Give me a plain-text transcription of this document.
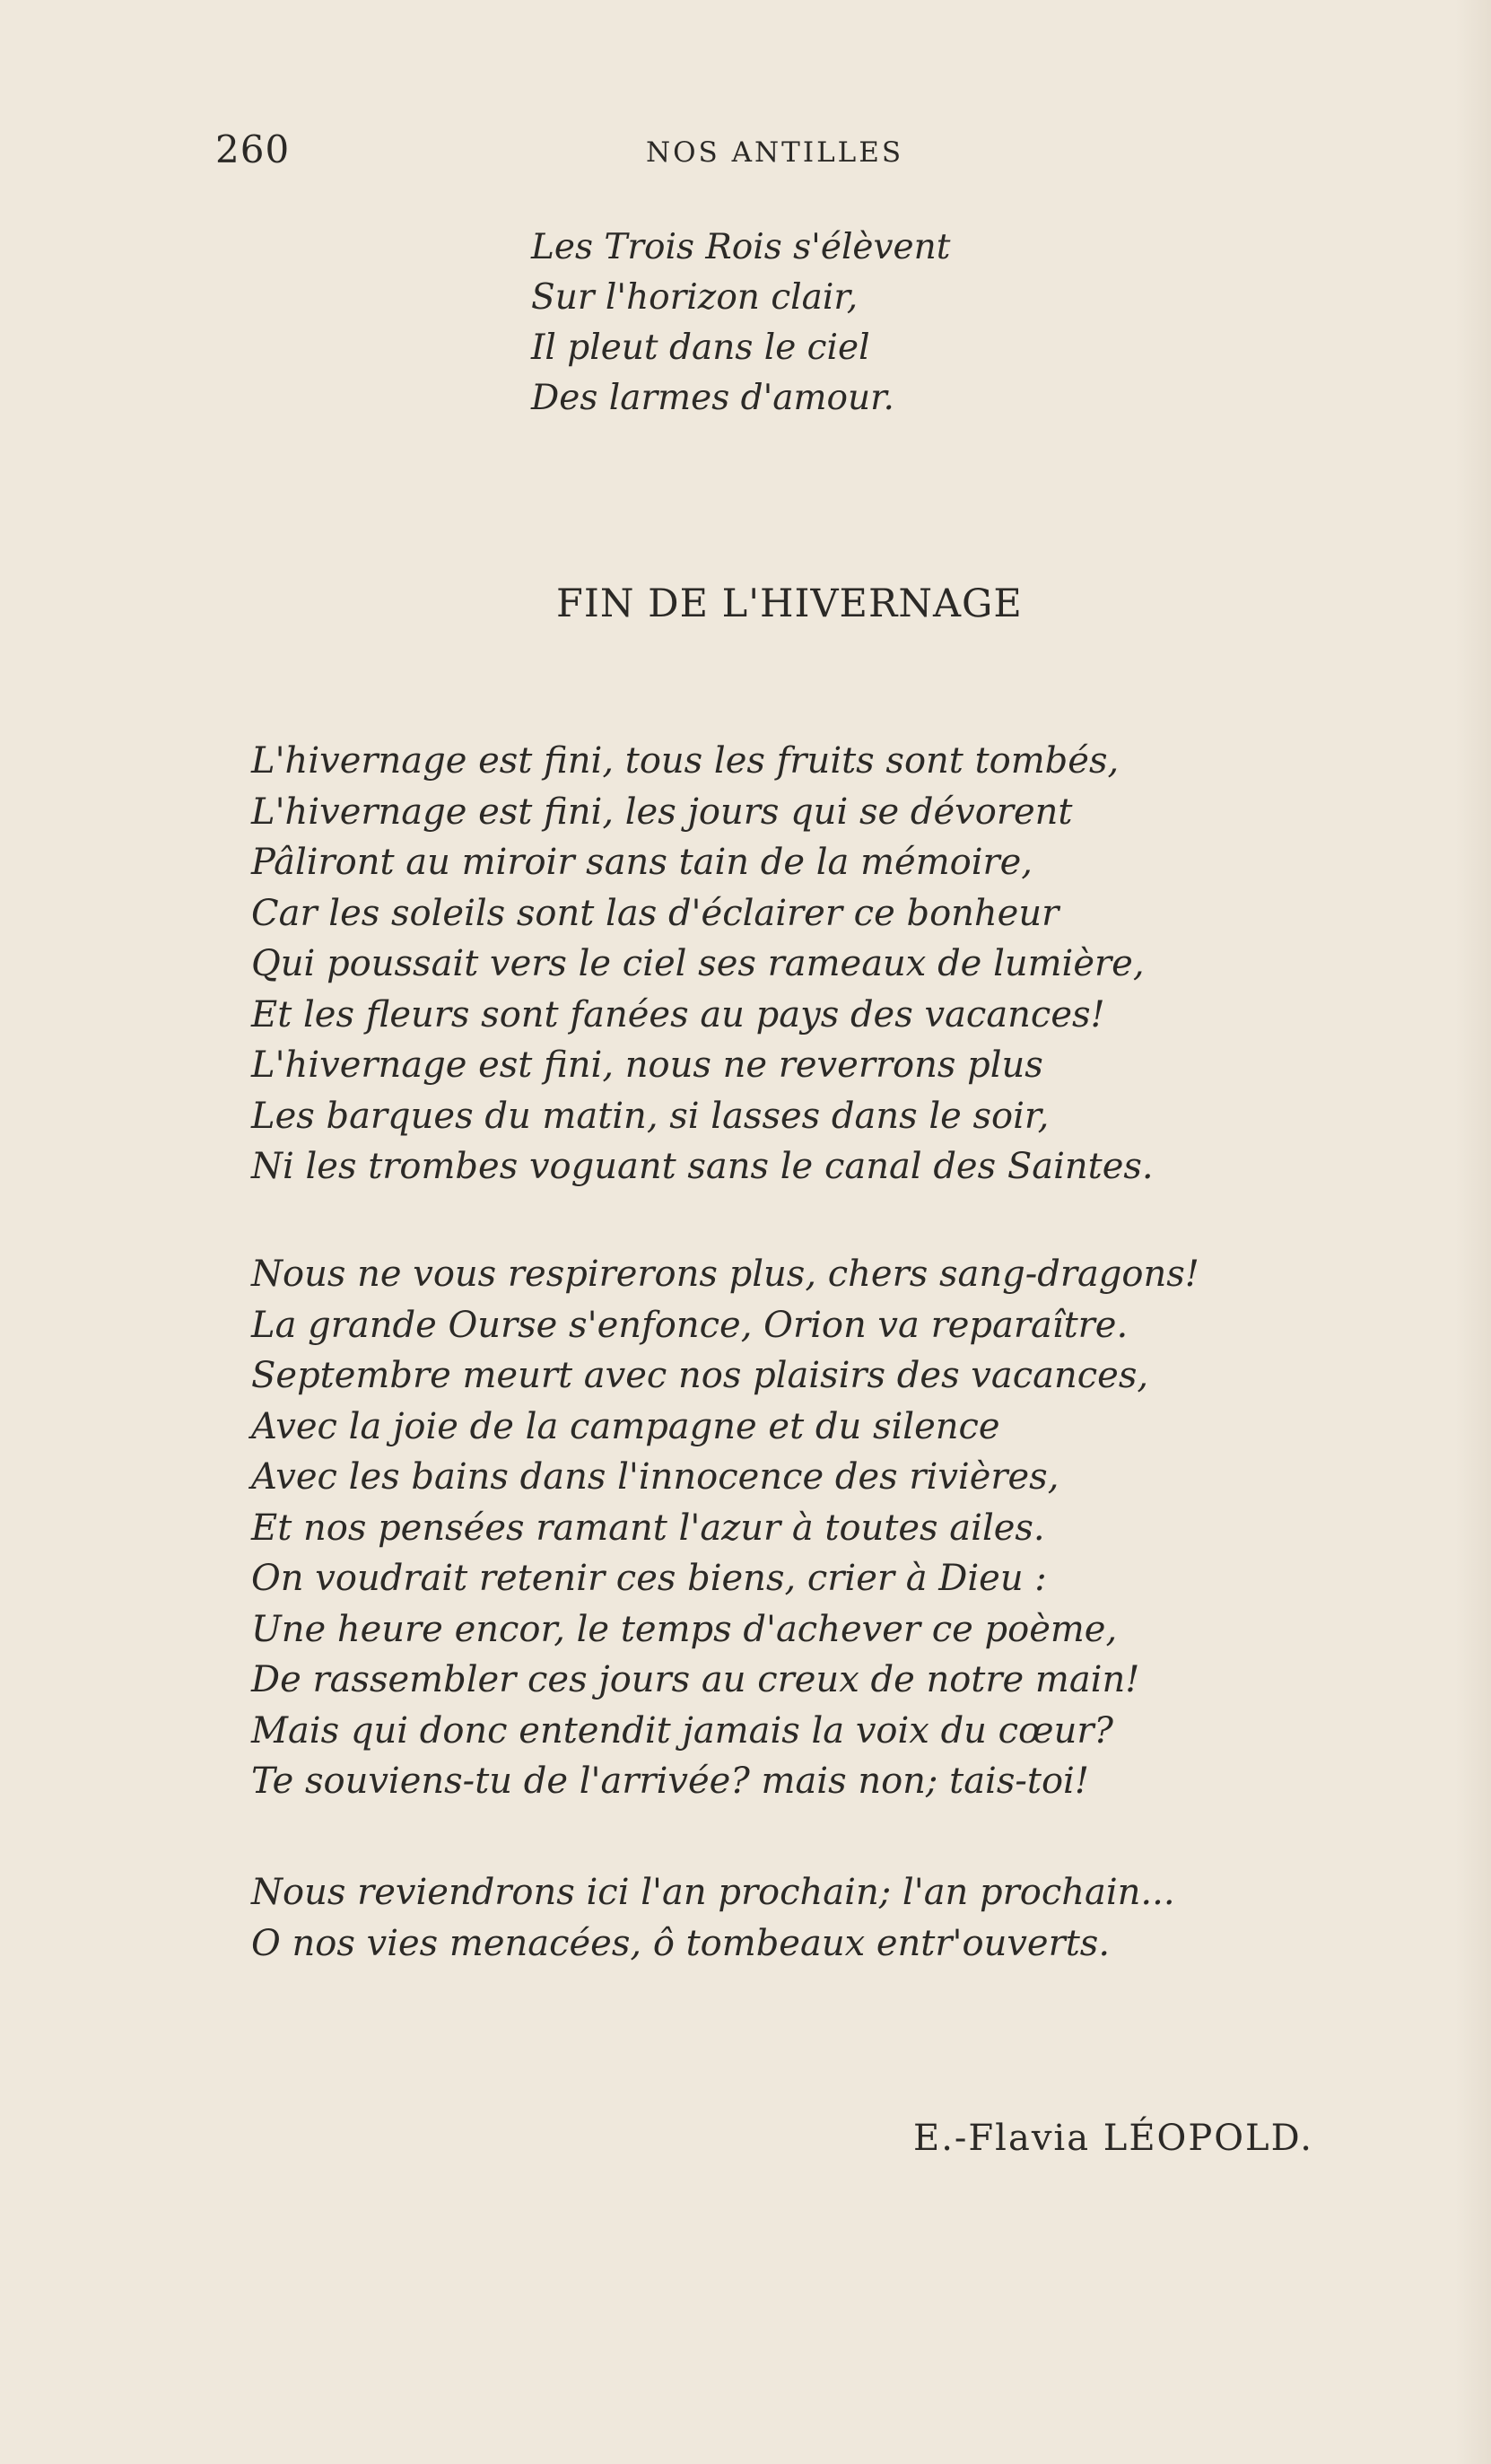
260	NOS ANTILLES
Les Trois Rois s'élèvent
Sur l'horizon clair,
Il pleut dans le ciel
Des larmes d'amour.
FIN DE L'HIVERNAGE
L'hivernage est fini, tous les fruits sont tombés,
L'hivernage est fini, les jours qui se dévorent
Pâliront au miroir sans tain de la mémoire,
Car les soleils sont las d'éclairer ce bonheur
Qui poussait vers le ciel ses rameaux de lumière,
Et les fleurs sont fanées au pays des vacances!
L'hivernage est fini, nous ne reverrons plus
Les barques du matin, si lasses dans le soir,
Ni les trombes voguant sans le canal des Saintes.
Nous ne vous respirerons plus, chers sang-dragons!
La grande Ourse s'enfonce, Orion va reparaître.
Septembre meurt avec nos plaisirs des vacances,
Avec la joie de la campagne et du silence
Avec les bains dans l'innocence des rivières,
Et nos pensées ramant l'azur à toutes ailes.
On voudrait retenir ces biens, crier à Dieu :
Une heure encor, le temps d'achever ce poème,
De rassembler ces jours au creux de notre main!
Mais qui donc entendit jamais la voix du cœur?
Te souviens-tu de l'arrivée? mais non; tais-toi!
Nous reviendrons ici l'an prochain; l'an prochain...
O nos vies menacées, ô tombeaux entr'ouverts.
E.-Flavia LÉOPOLD.
